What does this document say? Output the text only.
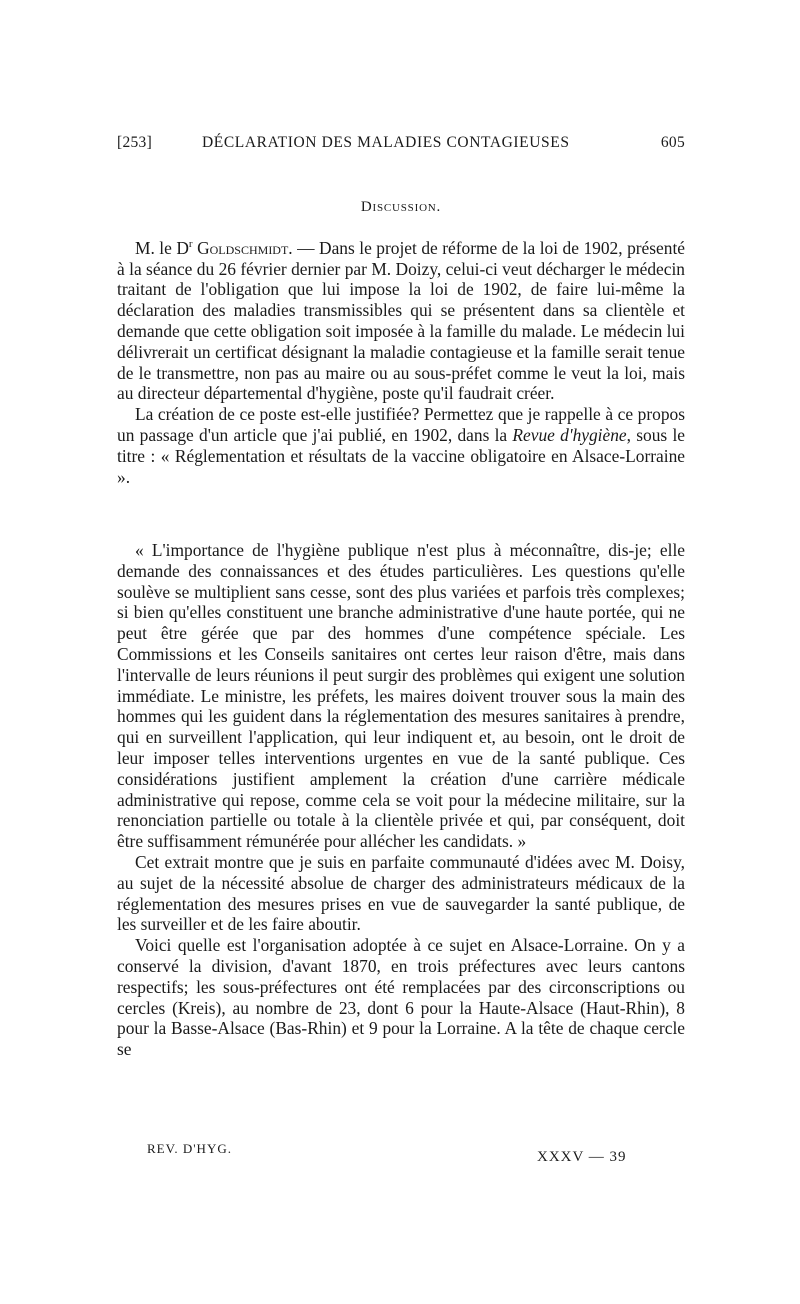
[253]	DÉCLARATION DES MALADIES CONTAGIEUSES	605
Discussion.

M. le $D^r$ Goldschmidt. — Dans le projet de réforme de la loi de 1902, présenté à la séance du 26 février dernier par M. Doizy, celui-ci veut décharger le médecin traitant de l'obligation que lui impose la loi de 1902, de faire lui-même la déclaration des maladies transmissibles qui se présentent dans sa clientèle et demande que cette obligation soit imposée à la famille du malade. Le médecin lui délivrerait un certificat désignant la maladie contagieuse et la famille serait tenue de le transmettre, non pas au maire ou au sous-préfet comme le veut la loi, mais au directeur départemental d'hygiène, poste qu'il faudrait créer.

La création de ce poste est-elle justifiée? Permettez que je rappelle à ce propos un passage d'un article que j'ai publié, en 1902, dans la Revue d'hygiène, sous le titre : « Réglementation et résultats de la vaccine obligatoire en Alsace-Lorraine ».

« L'importance de l'hygiène publique n'est plus à méconnaître, dis-je; elle demande des connaissances et des études particulières. Les questions qu'elle soulève se multiplient sans cesse, sont des plus variées et parfois très complexes; si bien qu'elles constituent une branche administrative d'une haute portée, qui ne peut être gérée que par des hommes d'une compétence spéciale. Les Commissions et les Conseils sanitaires ont certes leur raison d'être, mais dans l'intervalle de leurs réunions il peut surgir des problèmes qui exigent une solution immédiate. Le ministre, les préfets, les maires doivent trouver sous la main des hommes qui les guident dans la réglementation des mesures sanitaires à prendre, qui en surveillent l'application, qui leur indiquent et, au besoin, ont le droit de leur imposer telles interventions urgentes en vue de la santé publique. Ces considérations justifient amplement la création d'une carrière médicale administrative qui repose, comme cela se voit pour la médecine militaire, sur la renonciation partielle ou totale à la clientèle privée et qui, par conséquent, doit être suffisamment rémunérée pour allécher les candidats. »

Cet extrait montre que je suis en parfaite communauté d'idées avec M. Doisy, au sujet de la nécessité absolue de charger des administrateurs médicaux de la réglementation des mesures prises en vue de sauvegarder la santé publique, de les surveiller et de les faire aboutir.

Voici quelle est l'organisation adoptée à ce sujet en Alsace-Lorraine. On y a conservé la division, d'avant 1870, en trois préfectures avec leurs cantons respectifs; les sous-préfectures ont été remplacées par des circonscriptions ou cercles (Kreis), au nombre de 23, dont 6 pour la Haute-Alsace (Haut-Rhin), 8 pour la Basse-Alsace (Bas-Rhin) et 9 pour la Lorraine. A la tête de chaque cercle se

REV. D'HYG.
XXXV — 39
